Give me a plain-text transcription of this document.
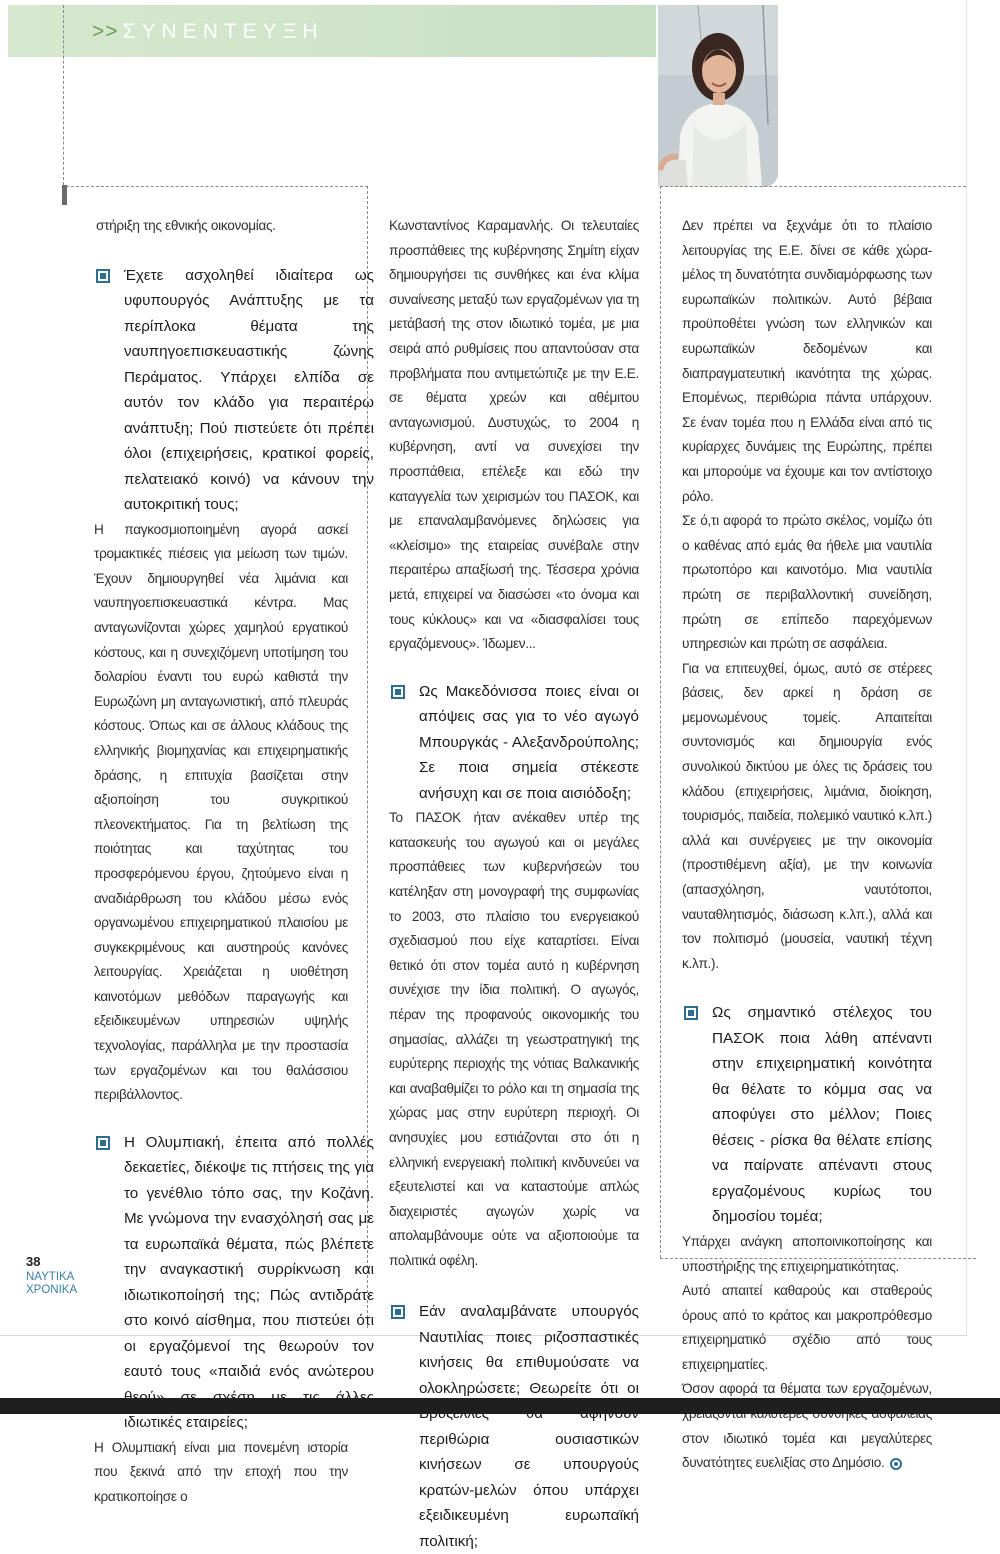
>> ΣΥΝΕΝΤΕΥΞΗ

στήριξη της εθνικής οικονομίας.

Έχετε ασχοληθεί ιδιαίτερα ως υφυπουργός Ανάπτυξης με τα περίπλοκα θέματα της ναυπηγοεπισκευαστικής ζώνης Περάματος. Υπάρχει ελπίδα σε αυτόν τον κλάδο για περαιτέρω ανάπτυξη; Πού πιστεύετε ότι πρέπει όλοι (επιχειρήσεις, κρατικοί φορείς, πελατειακό κοινό) να κάνουν την αυτοκριτική τους;

Η παγκοσμιοποιημένη αγορά ασκεί τρομακτικές πιέσεις για μείωση των τιμών. Έχουν δημιουργηθεί νέα λιμάνια και ναυπηγοεπισκευαστικά κέντρα. Μας ανταγωνίζονται χώρες χαμηλού εργατικού κόστους, και η συνεχιζόμενη υποτίμηση του δολαρίου έναντι του ευρώ καθιστά την Ευρωζώνη μη ανταγωνιστική, από πλευράς κόστους. Όπως και σε άλλους κλάδους της ελληνικής βιομηχανίας και επιχειρηματικής δράσης, η επιτυχία βασίζεται στην αξιοποίηση του συγκριτικού πλεονεκτήματος. Για τη βελτίωση της ποιότητας και ταχύτητας του προσφερόμενου έργου, ζητούμενο είναι η αναδιάρθρωση του κλάδου μέσω ενός οργανωμένου επιχειρηματικού πλαισίου με συγκεκριμένους και αυστηρούς κανόνες λειτουργίας. Χρειάζεται η υιοθέτηση καινοτόμων μεθόδων παραγωγής και εξειδικευμένων υπηρεσιών υψηλής τεχνολογίας, παράλληλα με την προστασία των εργαζομένων και του θαλάσσιου περιβάλλοντος.

Η Ολυμπιακή, έπειτα από πολλές δεκαετίες, διέκοψε τις πτήσεις της για το γενέθλιο τόπο σας, την Κοζάνη. Με γνώμονα την ενασχόλησή σας με τα ευρωπαϊκά θέματα, πώς βλέπετε την αναγκαστική συρρίκνωση και ιδιωτικοποίησή της; Πώς αντιδράτε στο κοινό αίσθημα, που πιστεύει ότι οι εργαζόμενοί της θεωρούν τον εαυτό τους «παιδιά ενός ανώτερου ιδιωτικές εταιρείες;

Η Ολυμπιακή είναι μια πονεμένη ιστορία που ξεκινά από την εποχή που την κρατικοποίησε ο

Κωνσταντίνος Καραμανλής. Οι τελευταίες προσπάθειες της κυβέρνησης Σημίτη είχαν δημιουργήσει τις συνθήκες και ένα κλίμα συναίνεσης μεταξύ των εργαζομένων για τη μετάβασή της στον ιδιωτικό τομέα, με μια σειρά από ρυθμίσεις που απαντούσαν στα προβλήματα που αντιμετώπιζε με την Ε.Ε. σε θέματα χρεών και αθέμιτου ανταγωνισμού. Δυστυχώς, το 2004 η κυβέρνηση, αντί να συνεχίσει την προσπάθεια, επέλεξε και εδώ την καταγγελία των χειρισμών του ΠΑΣΟΚ, και με επαναλαμβανόμενες δηλώσεις για «κλείσιμο» της εταιρείας συνέβαλε στην περαιτέρω απαξίωσή της. Τέσσερα χρόνια μετά, επιχειρεί να διασώσει «το όνομα και τους κύκλους» και να «διασφαλίσει τους εργαζόμενους». Ίδωμεν...

Ως Μακεδόνισσα ποιες είναι οι απόψεις σας για το νέο αγωγό Μπουργκάς - Αλεξανδρούπολης; Σε ποια σημεία στέκεστε ανήσυχη και σε ποια αισιόδοξη;

Το ΠΑΣΟΚ ήταν ανέκαθεν υπέρ της κατασκευής του αγωγού και οι μεγάλες προσπάθειες των κυβερνήσεών του κατέληξαν στη μονογραφή της συμφωνίας το 2003, στο πλαίσιο του ενεργειακού σχεδιασμού που είχε καταρτίσει. Είναι θετικό ότι στον τομέα αυτό η κυβέρνηση συνέχισε την ίδια πολιτική. Ο αγωγός, πέραν της προφανούς οικονομικής του σημασίας, αλλάζει τη γεωστρατηγική της ευρύτερης περιοχής της νότιας Βαλκανικής και αναβαθμίζει το ρόλο και τη σημασία της χώρας μας στην ευρύτερη περιοχή. Οι ανησυχίες μου εστιάζονται στο ότι η ελληνική ενεργειακή πολιτική κινδυνεύει να εξευτελιστεί και να καταστούμε απλώς διαχειριστές αγωγών χωρίς να απολαμβάνουμε ούτε να αξιοποιούμε τα πολιτικά οφέλη.

Εάν αναλαμβάνατε υπουργός Ναυτιλίας ποιες ριζοσπαστικές κινήσεις θα επιθυμούσατε να ολοκληρώσετε; Θεωρείτε ότι οι περιθώρια ουσιαστικών κινήσεων σε υπουργούς κρατών-μελών όπου υπάρχει εξειδικευμένη ευρωπαϊκή πολιτική;

Δεν πρέπει να ξεχνάμε ότι το πλαίσιο λειτουργίας της Ε.Ε. δίνει σε κάθε χώρα-μέλος τη δυνατότητα συνδιαμόρφωσης των ευρωπαϊκών πολιτικών. Αυτό βέβαια προϋποθέτει γνώση των ελληνικών και ευρωπαϊκών δεδομένων και διαπραγματευτική ικανότητα της χώρας. Επομένως, περιθώρια πάντα υπάρχουν. Σε έναν τομέα που η Ελλάδα είναι από τις κυρίαρχες δυνάμεις της Ευρώπης, πρέπει και μπορούμε να έχουμε και τον αντίστοιχο ρόλο.

Σε ό,τι αφορά το πρώτο σκέλος, νομίζω ότι ο καθένας από εμάς θα ήθελε μια ναυτιλία πρωτοπόρο και καινοτόμο. Μια ναυτιλία πρώτη σε περιβαλλοντική συνείδηση, πρώτη σε επίπεδο παρεχόμενων υπηρεσιών και πρώτη σε ασφάλεια.

Για να επιτευχθεί, όμως, αυτό σε στέρεες βάσεις, δεν αρκεί η δράση σε μεμονωμένους τομείς. Απαιτείται συντονισμός και δημιουργία ενός συνολικού δικτύου με όλες τις δράσεις του κλάδου (επιχειρήσεις, λιμάνια, διοίκηση, τουρισμός, παιδεία, πολεμικό ναυτικό κ.λπ.) αλλά και συνέργειες με την οικονομία (προστιθέμενη αξία), με την κοινωνία (απασχόληση, ναυτότοποι, ναυταθλητισμός, διάσωση κ.λπ.), αλλά και τον πολιτισμό (μουσεία, ναυτική τέχνη κ.λπ.).

Ως σημαντικό στέλεχος του ΠΑΣΟΚ ποια λάθη απέναντι στην επιχειρηματική κοινότητα θα θέλατε το κόμμα σας να αποφύγει στο μέλλον; Ποιες θέσεις - ρίσκα θα θέλατε επίσης να παίρνατε απέναντι στους εργαζομένους κυρίως του δημοσίου τομέα;

Υπάρχει ανάγκη αποποινικοποίησης και υποστήριξης της επιχειρηματικότητας.

Αυτό απαιτεί καθαρούς και σταθερούς όρους από το κράτος και μακροπρόθεσμο επιχειρηματικό σχέδιο από τους επιχειρηματίες.

Όσον αφορά τα θέματα των εργαζομένων, στον ιδιωτικό τομέα και μεγαλύτερες δυνατότητες ευελιξίας στο Δημόσιο.

38
ΝΑΥΤΙΚΑ
ΧΡΟΝΙΚΑ
